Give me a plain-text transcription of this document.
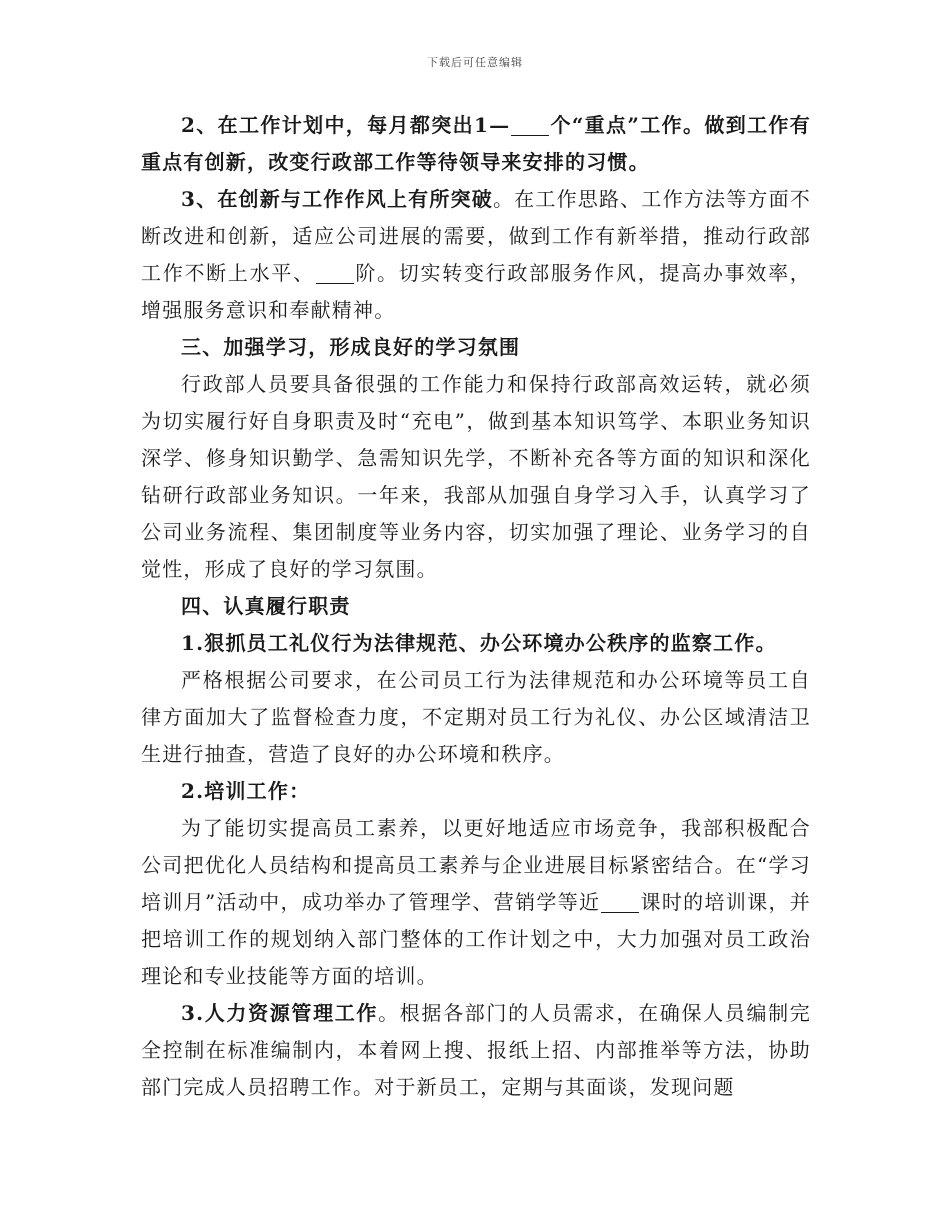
下载后可任意编辑

2、在工作计划中，每月都突出1— 个“重点”工作。做到工作有重点有创新，改变行政部工作等待领导来安排的习惯。

3、在创新与工作作风上有所突破。在工作思路、工作方法等方面不断改进和创新，适应公司进展的需要，做到工作有新举措，推动行政部工作不断上水平、 阶。切实转变行政部服务作风，提高办事效率，增强服务意识和奉献精神。

三、加强学习，形成良好的学习氛围

行政部人员要具备很强的工作能力和保持行政部高效运转，就必须为切实履行好自身职责及时“充电”，做到基本知识笃学、本职业务知识深学、修身知识勤学、急需知识先学，不断补充各等方面的知识和深化钻研行政部业务知识。一年来，我部从加强自身学习入手，认真学习了公司业务流程、集团制度等业务内容，切实加强了理论、业务学习的自觉性，形成了良好的学习氛围。

四、认真履行职责

1.狠抓员工礼仪行为法律规范、办公环境办公秩序的监察工作。

严格根据公司要求，在公司员工行为法律规范和办公环境等员工自律方面加大了监督检查力度，不定期对员工行为礼仪、办公区域清洁卫生进行抽查，营造了良好的办公环境和秩序。

2.培训工作：

为了能切实提高员工素养，以更好地适应市场竞争，我部积极配合公司把优化人员结构和提高员工素养与企业进展目标紧密结合。在“学习培训月”活动中，成功举办了管理学、营销学等近 课时的培训课，并把培训工作的规划纳入部门整体的工作计划之中，大力加强对员工政治理论和专业技能等方面的培训。

3.人力资源管理工作。根据各部门的人员需求，在确保人员编制完全控制在标准编制内，本着网上搜、报纸上招、内部推举等方法，协助部门完成人员招聘工作。对于新员工，定期与其面谈，发现问题
